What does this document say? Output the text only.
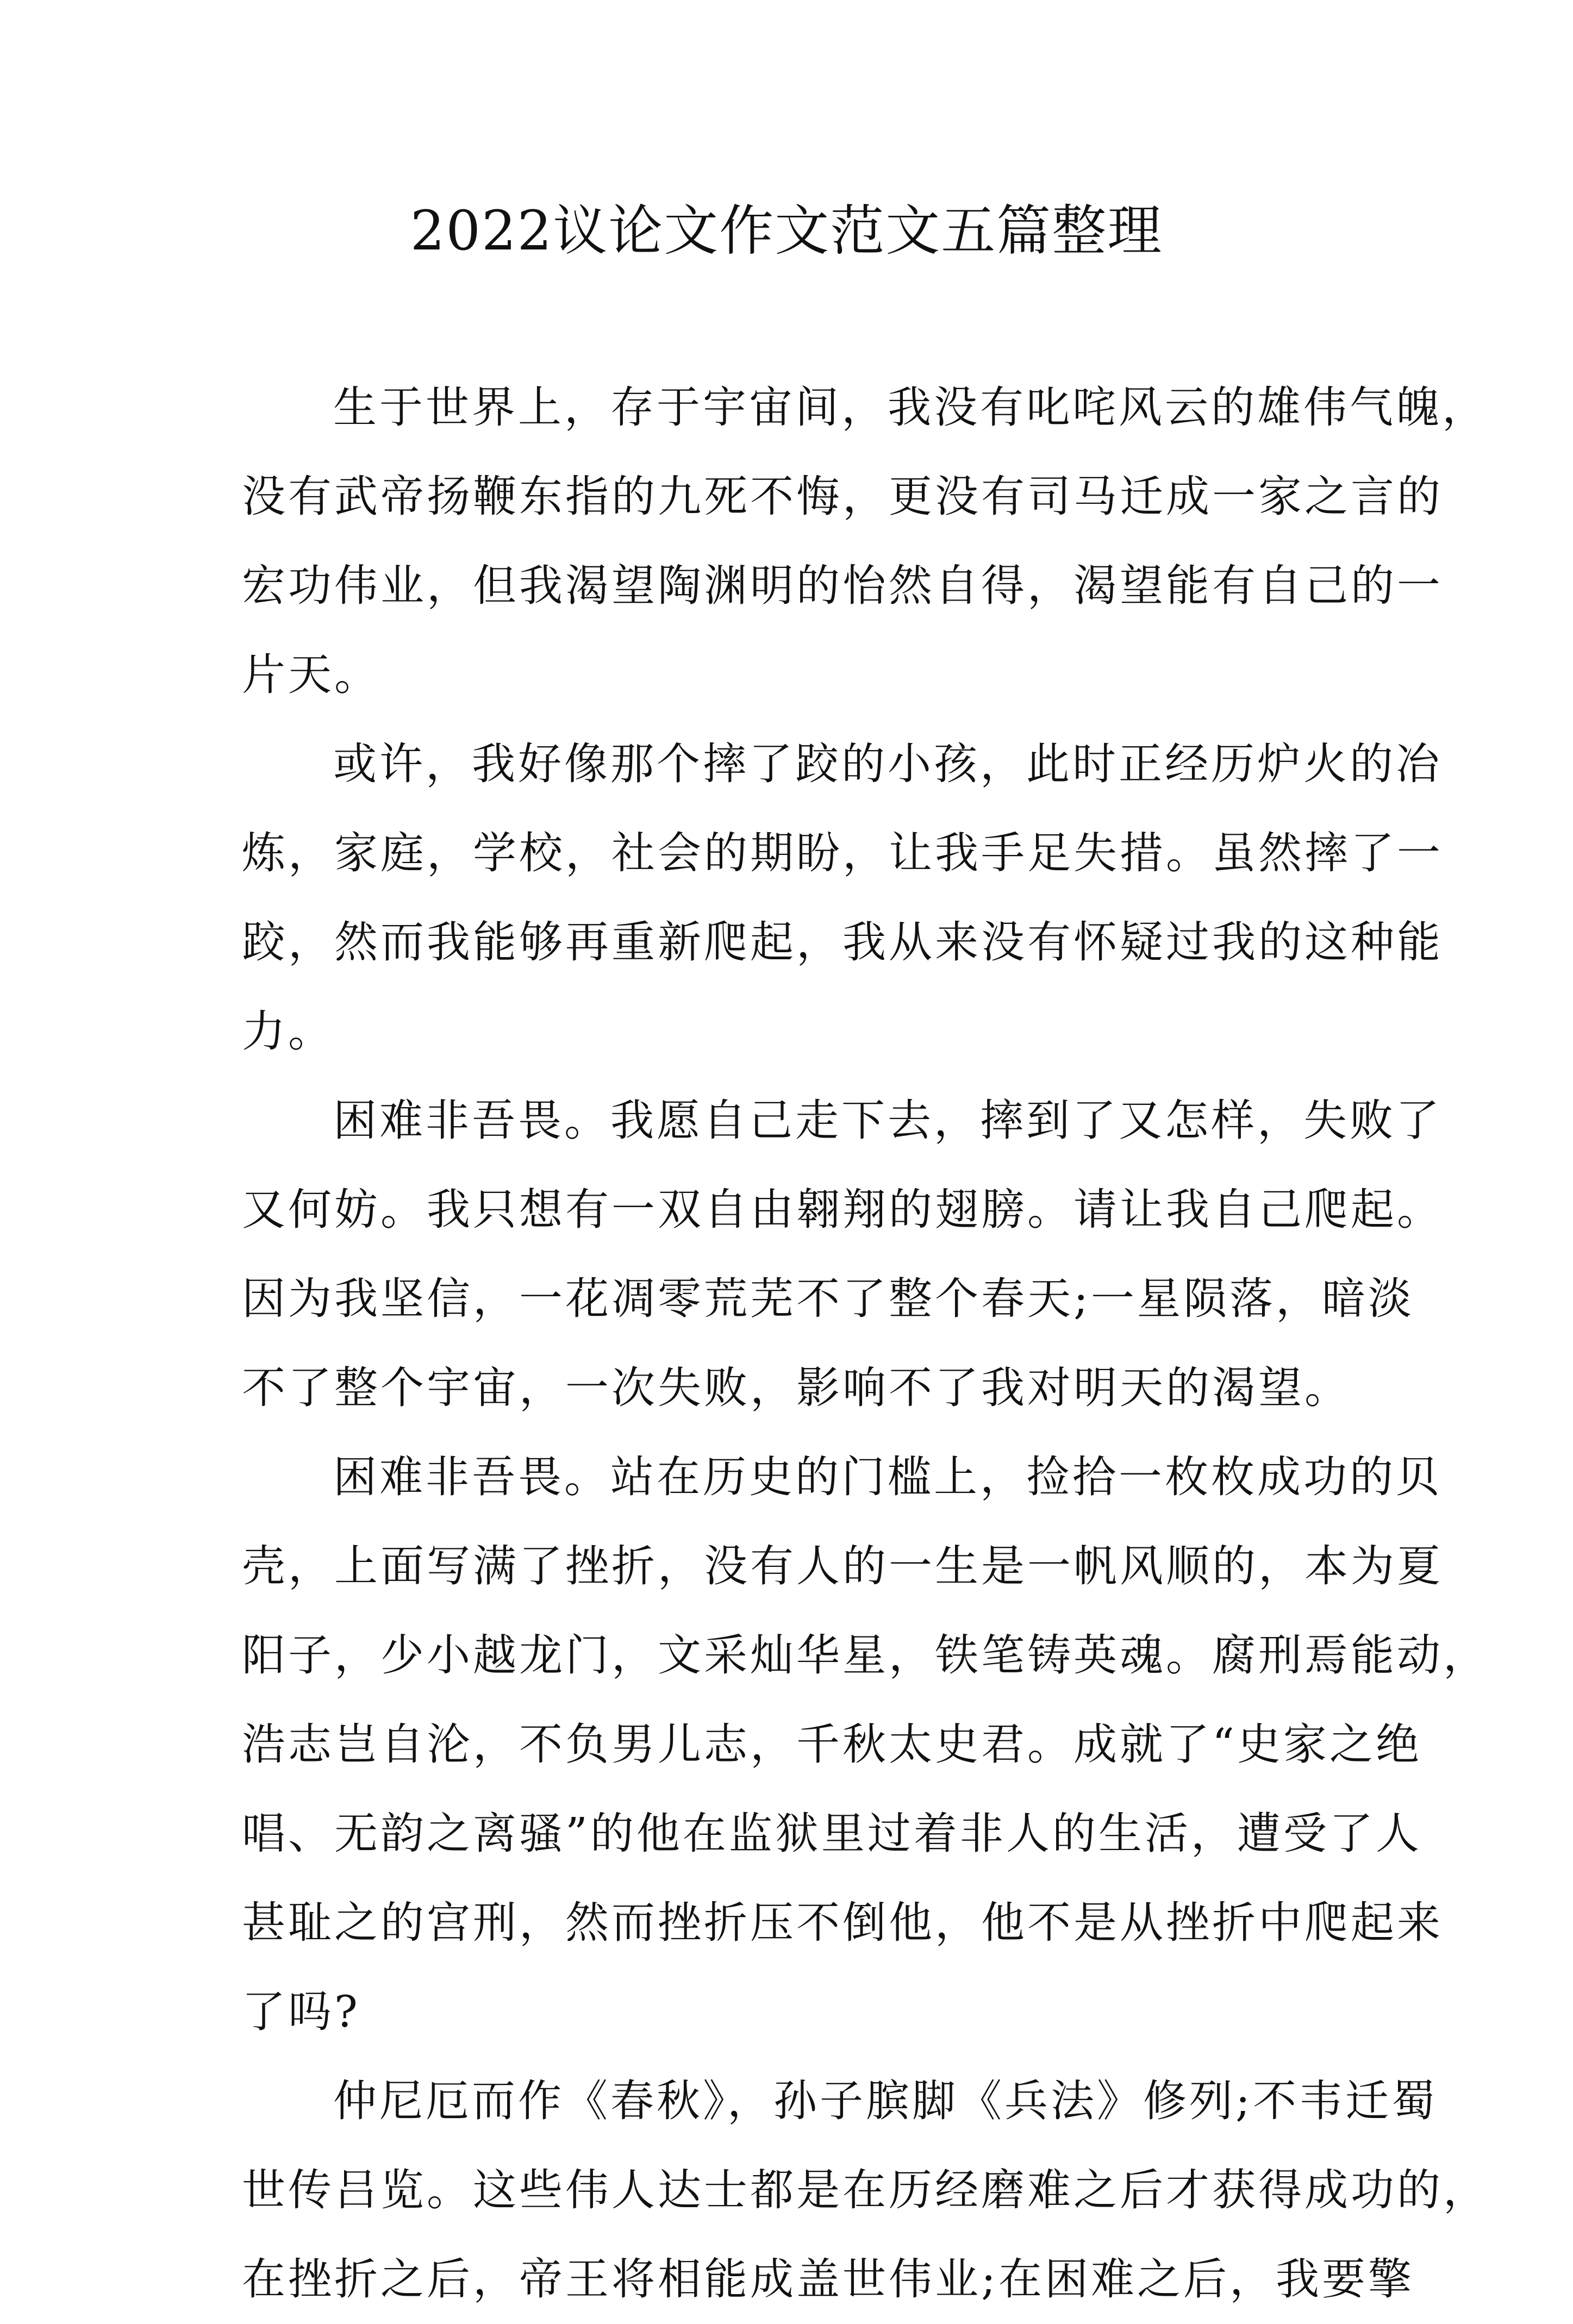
2022议论文作文范文五篇整理
生于世界上，存于宇宙间，我没有叱咤风云的雄伟气魄，
没有武帝扬鞭东指的九死不悔，更没有司马迁成一家之言的
宏功伟业，但我渴望陶渊明的怡然自得，渴望能有自己的一
片天。
或许，我好像那个摔了跤的小孩，此时正经历炉火的冶
炼，家庭，学校，社会的期盼，让我手足失措。虽然摔了一
跤，然而我能够再重新爬起，我从来没有怀疑过我的这种能
力。
困难非吾畏。我愿自己走下去，摔到了又怎样，失败了
又何妨。我只想有一双自由翱翔的翅膀。请让我自己爬起。
因为我坚信，一花凋零荒芜不了整个春天;一星陨落，暗淡
不了整个宇宙，一次失败，影响不了我对明天的渴望。
困难非吾畏。站在历史的门槛上，捡拾一枚枚成功的贝
壳，上面写满了挫折，没有人的一生是一帆风顺的，本为夏
阳子，少小越龙门，文采灿华星，铁笔铸英魂。腐刑焉能动，
浩志岂自沦，不负男儿志，千秋太史君。成就了“史家之绝
唱、无韵之离骚”的他在监狱里过着非人的生活，遭受了人
甚耻之的宫刑，然而挫折压不倒他，他不是从挫折中爬起来
了吗?
仲尼厄而作《春秋》，孙子膑脚《兵法》修列;不韦迁蜀
世传吕览。这些伟人达士都是在历经磨难之后才获得成功的，
在挫折之后，帝王将相能成盖世伟业;在困难之后，我要擎
